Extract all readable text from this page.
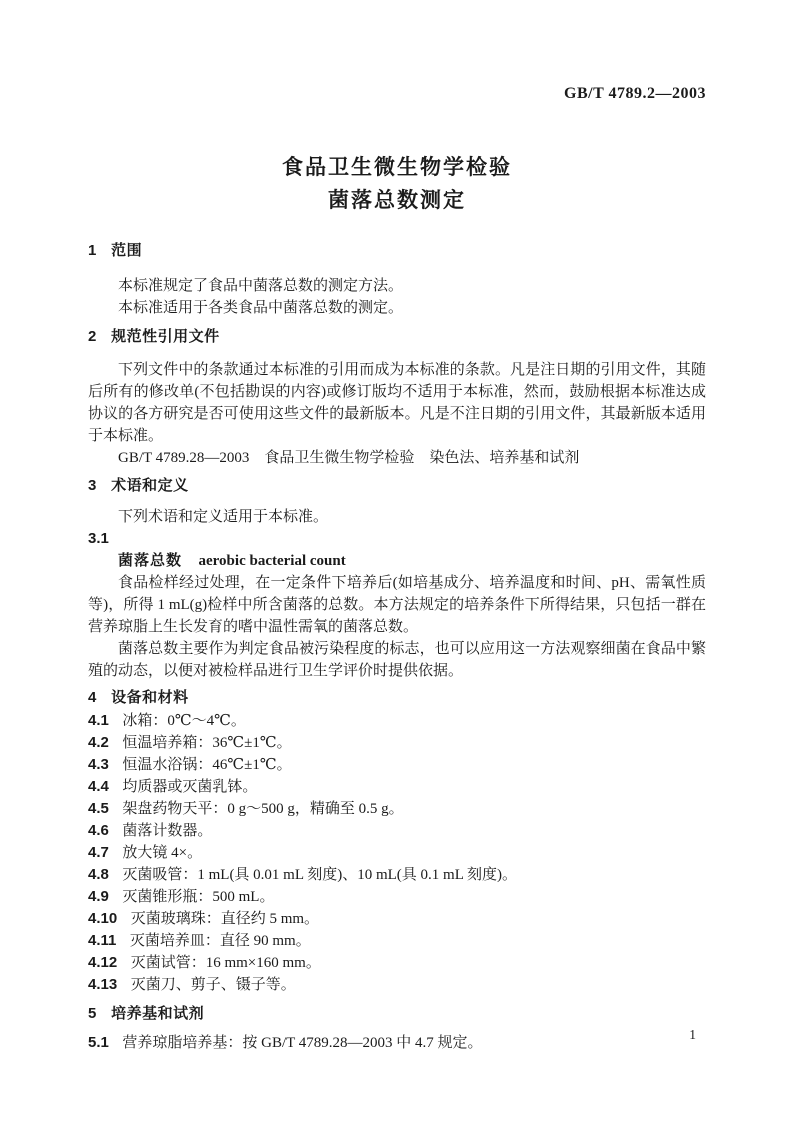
GB/T 4789.2—2003
食品卫生微生物学检验
菌落总数测定
1 范围

本标准规定了食品中菌落总数的测定方法。

本标准适用于各类食品中菌落总数的测定。

2 规范性引用文件

下列文件中的条款通过本标准的引用而成为本标准的条款。凡是注日期的引用文件，其随后所有的修改单(不包括勘误的内容)或修订版均不适用于本标准，然而，鼓励根据本标准达成协议的各方研究是否可使用这些文件的最新版本。凡是不注日期的引用文件，其最新版本适用于本标准。

GB/T 4789.28—2003　食品卫生微生物学检验　染色法、培养基和试剂

3 术语和定义

下列术语和定义适用于本标准。

3.1
菌落总数 aerobic bacterial count

食品检样经过处理，在一定条件下培养后(如培基成分、培养温度和时间、pH、需氧性质等)，所得 1 mL(g)检样中所含菌落的总数。本方法规定的培养条件下所得结果，只包括一群在营养琼脂上生长发育的嗜中温性需氧的菌落总数。

菌落总数主要作为判定食品被污染程度的标志，也可以应用这一方法观察细菌在食品中繁殖的动态，以便对被检样品进行卫生学评价时提供依据。

4 设备和材料
4.1 冰箱：0℃～4℃。
4.2 恒温培养箱：36℃±1℃。
4.3 恒温水浴锅：46℃±1℃。
4.4 均质器或灭菌乳钵。
4.5 架盘药物天平：0 g～500 g，精确至 0.5 g。
4.6 菌落计数器。
4.7 放大镜 4×。
4.8 灭菌吸管：1 mL(具 0.01 mL 刻度)、10 mL(具 0.1 mL 刻度)。
4.9 灭菌锥形瓶：500 mL。
4.10 灭菌玻璃珠：直径约 5 mm。
4.11 灭菌培养皿：直径 90 mm。
4.12 灭菌试管：16 mm×160 mm。
4.13 灭菌刀、剪子、镊子等。
5 培养基和试剂
5.1 营养琼脂培养基：按 GB/T 4789.28—2003 中 4.7 规定。
1
